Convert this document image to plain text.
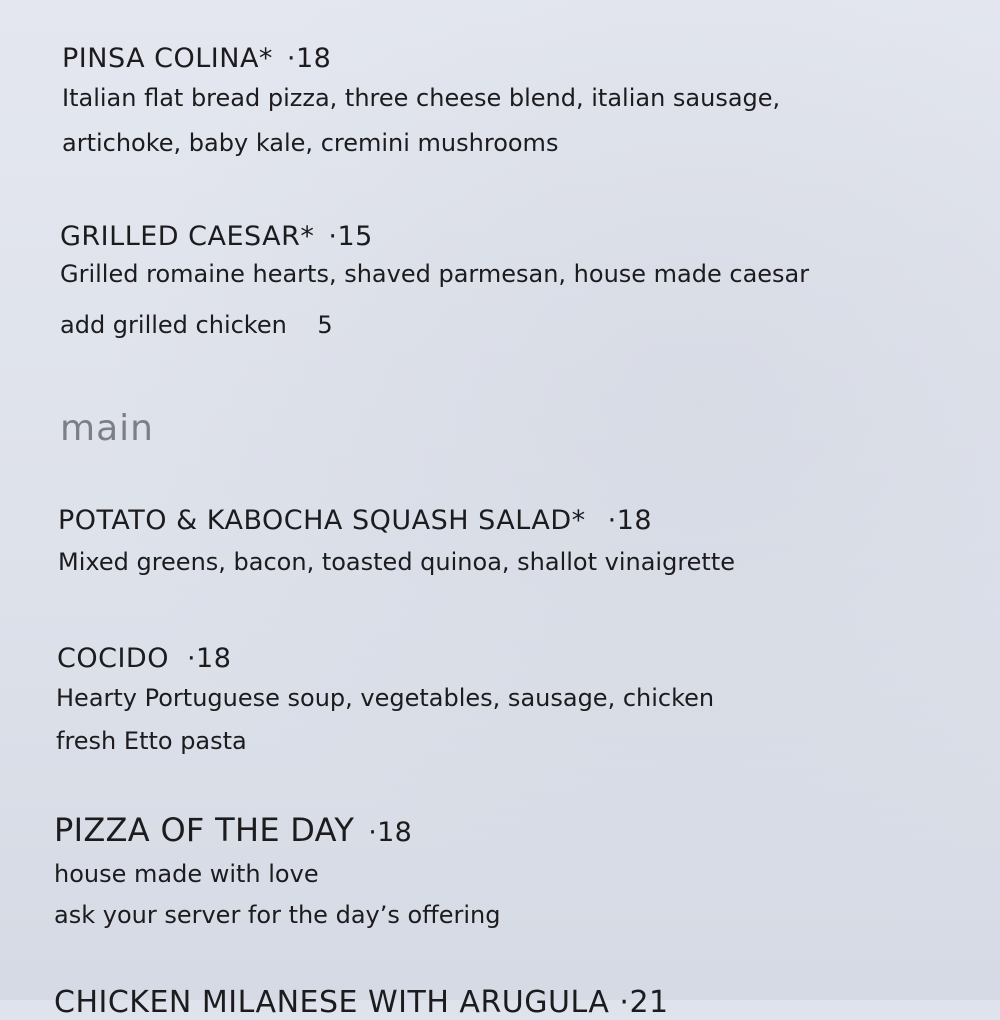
PINSA COLINA* ·18
Italian flat bread pizza, three cheese blend, italian sausage,
artichoke, baby kale, cremini mushrooms
GRILLED CAESAR* ·15
Grilled romaine hearts, shaved parmesan, house made caesar
add grilled chicken    5
main
POTATO & KABOCHA SQUASH SALAD* ·18
Mixed greens, bacon, toasted quinoa, shallot vinaigrette
COCIDO ·18
Hearty Portuguese soup, vegetables, sausage, chicken
fresh Etto pasta
PIZZA OF THE DAY ·18
house made with love
ask your server for the day’s offering
CHICKEN MILANESE WITH ARUGULA ·21
